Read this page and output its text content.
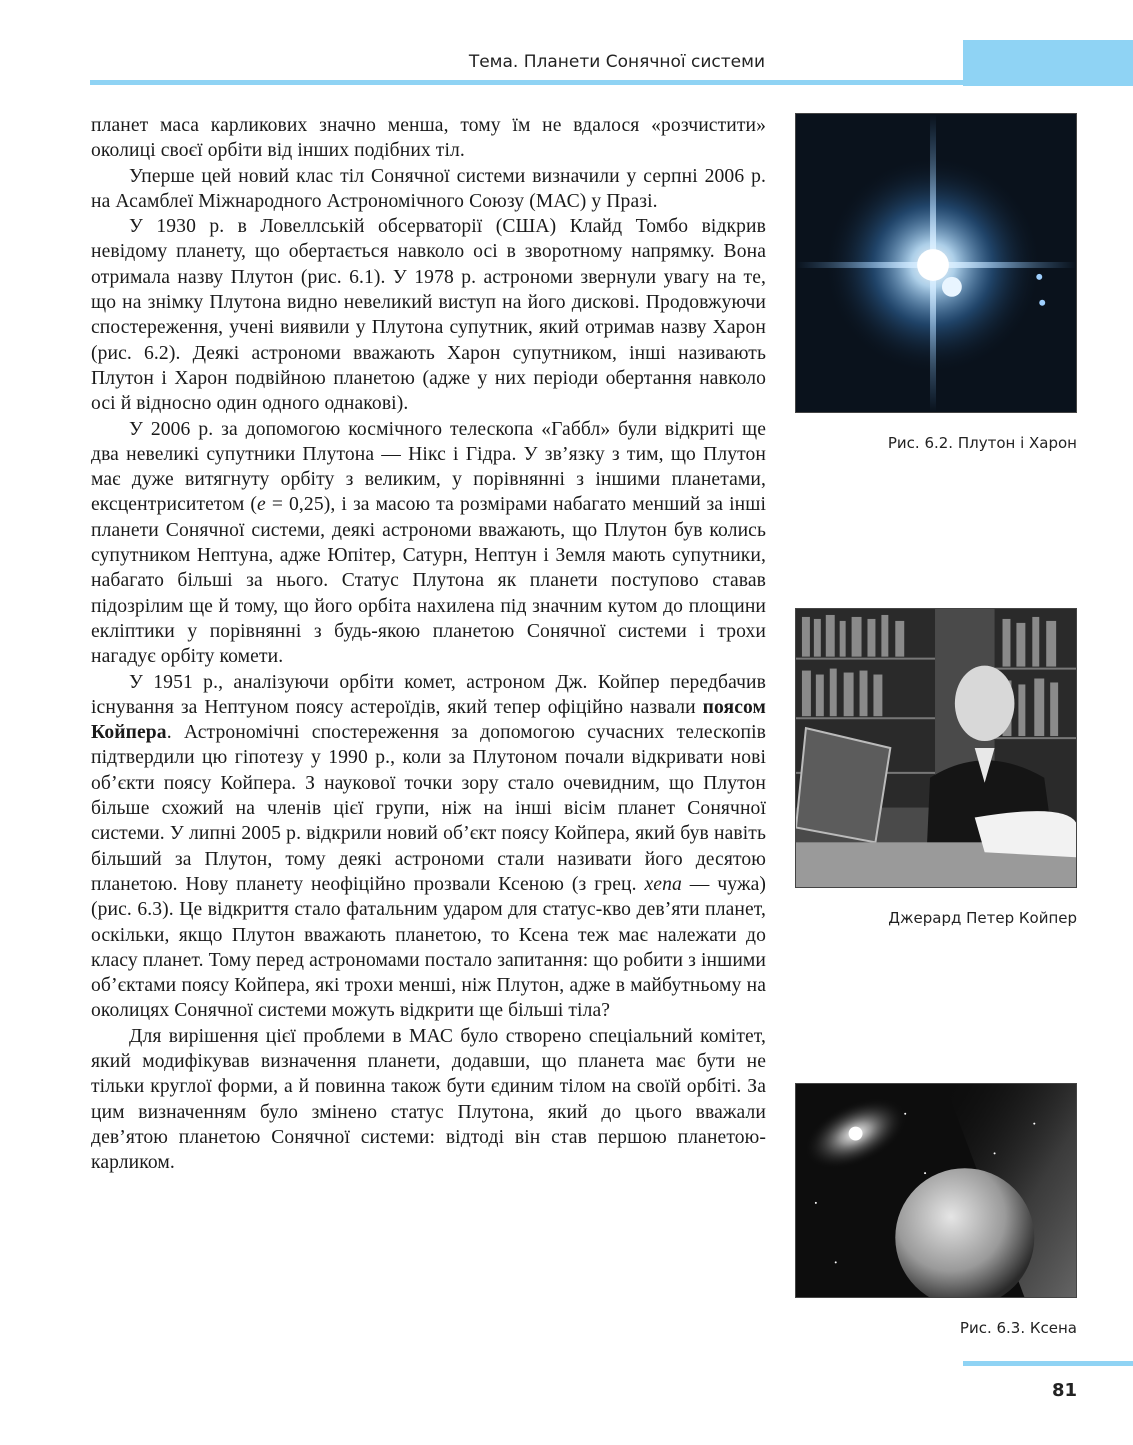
Тема. Планети Сонячної системи

планет маса карликових значно менша, тому їм не вдалося «розчистити» околиці своєї орбіти від інших подібних тіл.

Уперше цей новий клас тіл Сонячної системи визначили у серпні 2006 р. на Асамблеї Міжнародного Астрономічного Союзу (МАС) у Празі.

У 1930 р. в Ловеллській обсерваторії (США) Клайд Томбо відкрив невідому планету, що обертається навколо осі в зворотному напрямку. Вона отримала назву Плутон (рис. 6.1). У 1978 р. астрономи звернули увагу на те, що на знімку Плутона видно невеликий виступ на його дискові. Продовжуючи спостереження, учені виявили у Плутона супутник, який отримав назву Харон (рис. 6.2). Деякі астрономи вважають Харон супутником, інші називають Плутон і Харон подвійною планетою (адже у них періоди обертання навколо осі й відносно один одного однакові).

У 2006 р. за допомогою космічного телескопа «Габбл» були відкриті ще два невеликі супутники Плутона — Нікс і Гідра. У зв’язку з тим, що Плутон має дуже витягнуту орбіту з великим, у порівнянні з іншими планетами, ексцентриситетом (e = 0,25), і за масою та розмірами набагато менший за інші планети Сонячної системи, деякі астрономи вважають, що Плутон був колись супутником Нептуна, адже Юпітер, Сатурн, Нептун і Земля мають супутники, набагато більші за нього. Статус Плутона як планети поступово ставав підозрілим ще й тому, що його орбіта нахилена під значним кутом до площини екліптики у порівнянні з будь-якою планетою Сонячної системи і трохи нагадує орбіту комети.

У 1951 р., аналізуючи орбіти комет, астроном Дж. Койпер передбачив існування за Нептуном поясу астероїдів, який тепер офіційно назвали поясом Койпера. Астрономічні спостереження за допомогою сучасних телескопів підтвердили цю гіпотезу у 1990 р., коли за Плутоном почали відкривати нові об’єкти поясу Койпера. З наукової точки зору стало очевидним, що Плутон більше схожий на членів цієї групи, ніж на інші вісім планет Сонячної системи. У липні 2005 р. відкрили новий об’єкт поясу Койпера, який був навіть більший за Плутон, тому деякі астрономи стали називати його десятою планетою. Нову планету неофіційно прозвали Ксеною (з грец. xena — чужа) (рис. 6.3). Це відкриття стало фатальним ударом для статус-кво дев’яти планет, оскільки, якщо Плутон вважають планетою, то Ксена теж має належати до класу планет. Тому перед астрономами постало запитання: що робити з іншими об’єктами поясу Койпера, які трохи менші, ніж Плутон, адже в майбутньому на околицях Сонячної системи можуть відкрити ще більші тіла?

Для вирішення цієї проблеми в МАС було створено спеціальний комітет, який модифікував визначення планети, додавши, що планета має бути не тільки круглої форми, а й повинна також бути єдиним тілом на своїй орбіті. За цим визначенням було змінено статус Плутона, який до цього вважали дев’ятою планетою Сонячної системи: відтоді він став першою планетою-карликом.

Рис. 6.2. Плутон і Харон
Джерард Петер Койпер
Рис. 6.3. Ксена
81
